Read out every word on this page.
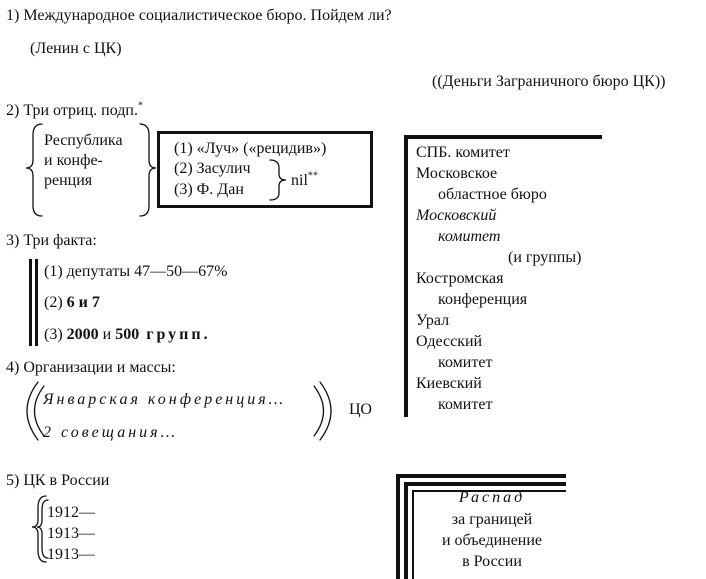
1) Международное социалистическое бюро. Пойдем ли?
(Ленин с ЦК)
((Деньги Заграничного бюро ЦК))
2) Три отриц. подп.*
Республика
и конфе-
ренция
(1) «Луч» («рецидив»)
(2) Засулич
(3) Ф. Дан
nil**
3) Три факта:
(1) депутаты 47—50—67%
(2) 6 и 7
(3) 2000 и 500 групп.
4) Организации и массы:
Январская конференция…
2 совещания…
ЦО
5) ЦК в России
1912—
1913—
1913—
СПБ. комитет
Московское
областное бюро
Московский
комитет
(и группы)
Костромская
конференция
Урал
Одесский
комитет
Киевский
комитет
Распад
за границей
и объединение
в России
